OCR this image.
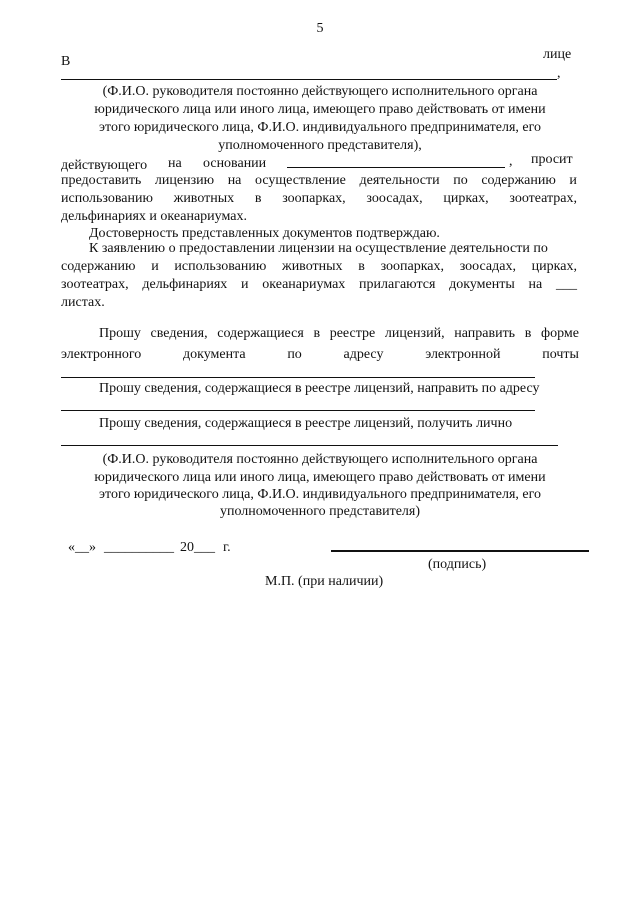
5
В	лице
,
(Ф.И.О. руководителя постоянно действующего исполнительного органа
юридического лица или иного лица, имеющего право действовать от имени
этого юридического лица, Ф.И.О. индивидуального предпринимателя, его
уполномоченного представителя),
действующего на основании	, просит
предоставить лицензию на осуществление деятельности по содержанию и
использованию животных в зоопарках, зоосадах, цирках, зоотеатрах,
дельфинариях и океанариумах.
Достоверность представленных документов подтверждаю.
К заявлению о предоставлении лицензии на осуществление деятельности по
содержанию и использованию животных в зоопарках, зоосадах, цирках,
зоотеатрах, дельфинариях и океанариумах прилагаются документы на ___
листах.
Прошу сведения, содержащиеся в реестре лицензий, направить в форме
электронного	документа	по	адресу	электронной	почты
Прошу сведения, содержащиеся в реестре лицензий, направить по адресу
Прошу сведения, содержащиеся в реестре лицензий, получить лично
(Ф.И.О. руководителя постоянно действующего исполнительного органа
юридического лица или иного лица, имеющего право действовать от имени
этого юридического лица, Ф.И.О. индивидуального предпринимателя, его
уполномоченного представителя)
«__» __________ 20___ г.
(подпись)
М.П. (при наличии)
